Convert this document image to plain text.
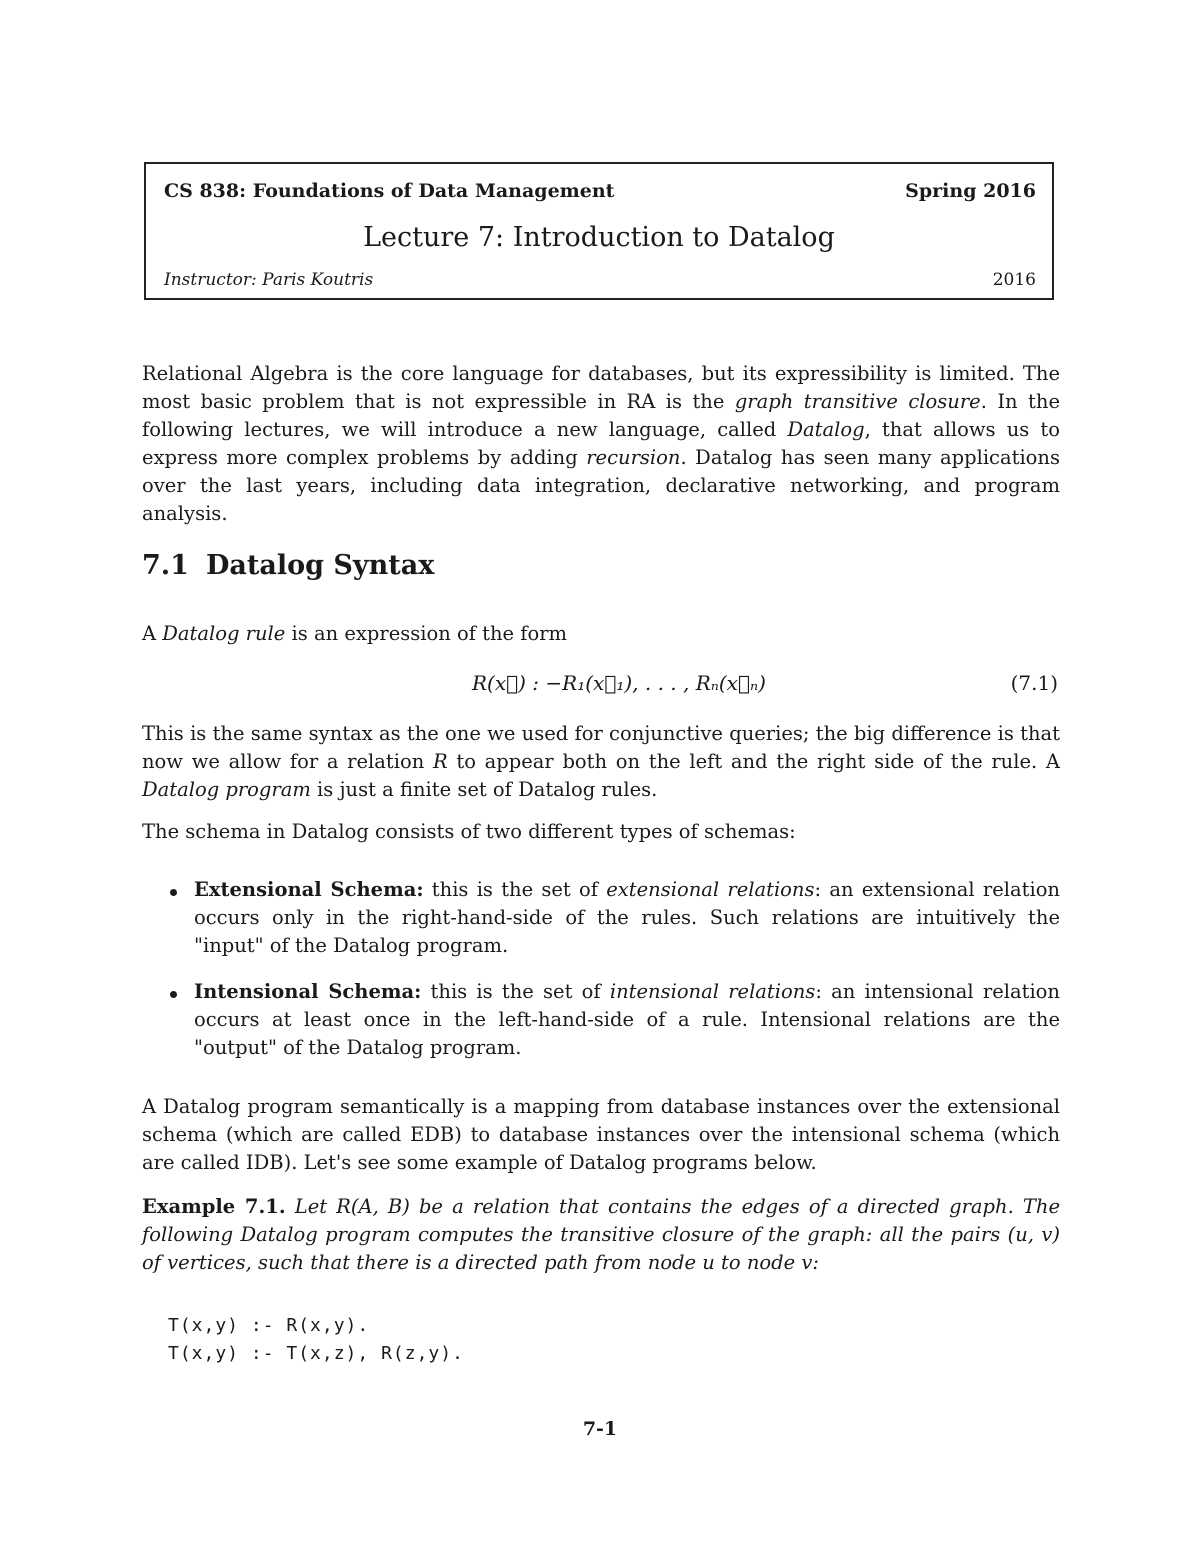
CS 838: Foundations of Data Management	Spring 2016
Lecture 7: Introduction to Datalog
Instructor: Paris Koutris	2016

Relational Algebra is the core language for databases, but its expressibility is limited. The most basic problem that is not expressible in RA is the graph transitive closure. In the following lectures, we will introduce a new language, called Datalog, that allows us to express more complex problems by adding recursion. Datalog has seen many applications over the last years, including data integration, declarative networking, and program analysis.

7.1 Datalog Syntax

A Datalog rule is an expression of the form

R(x⃗) : −R₁(x⃗₁), . . . , Rₙ(x⃗ₙ)	(7.1)

This is the same syntax as the one we used for conjunctive queries; the big difference is that now we allow for a relation R to appear both on the left and the right side of the rule. A Datalog program is just a finite set of Datalog rules.

The schema in Datalog consists of two different types of schemas:

Extensional Schema: this is the set of extensional relations: an extensional relation occurs only in the right-hand-side of the rules. Such relations are intuitively the "input" of the Datalog program.
Intensional Schema: this is the set of intensional relations: an intensional relation occurs at least once in the left-hand-side of a rule. Intensional relations are the "output" of the Datalog program.

A Datalog program semantically is a mapping from database instances over the extensional schema (which are called EDB) to database instances over the intensional schema (which are called IDB). Let's see some example of Datalog programs below.

Example 7.1. Let R(A, B) be a relation that contains the edges of a directed graph. The following Datalog program computes the transitive closure of the graph: all the pairs (u, v) of vertices, such that there is a directed path from node u to node v:

T(x,y) :- R(x,y).
T(x,y) :- T(x,z), R(z,y).
7-1
